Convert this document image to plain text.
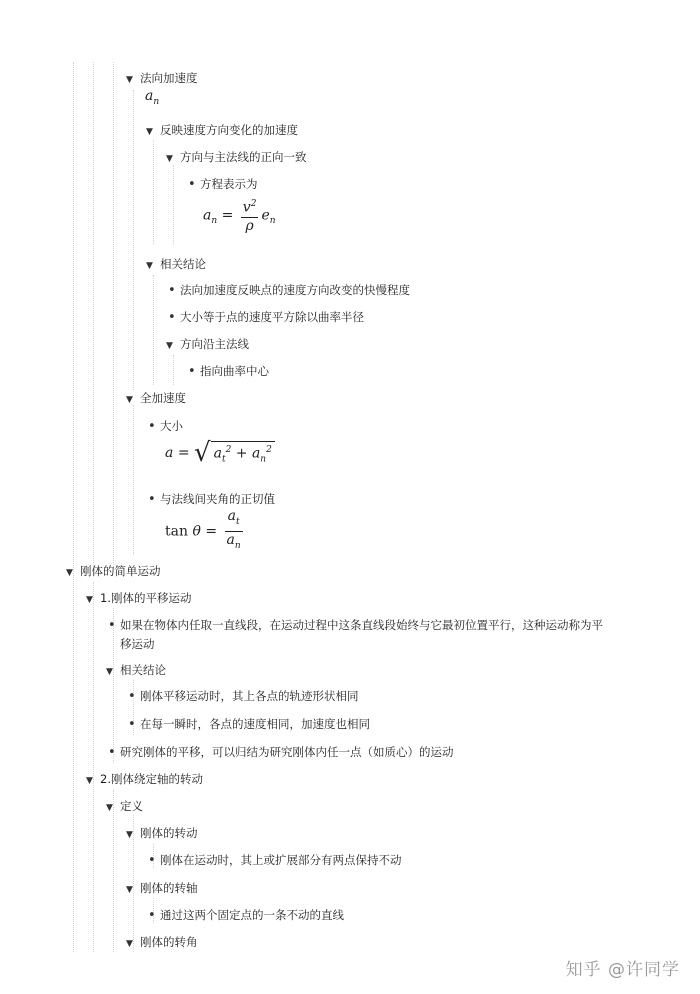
▼ 法向加速度
$a_n$
▼ 反映速度方向变化的加速度
▼ 方向与主法线的正向一致
• 方程表示为
$a_n = \frac{v^2}{\rho} e_n$
▼ 相关结论
• 法向加速度反映点的速度方向改变的快慢程度
• 大小等于点的速度平方除以曲率半径
▼ 方向沿主法线
• 指向曲率中心
▼ 全加速度
• 大小
a = √ $a_t^2 + a_n^2$
• 与法线间夹角的正切值
$\tan \theta = \frac{a_t}{a_n}$
▼ 刚体的简单运动
▼ 1.刚体的平移运动
• 如果在物体内任取一直线段，在运动过程中这条直线段始终与它最初位置平行，这种运动称为平移运动
▼ 相关结论
• 刚体平移运动时，其上各点的轨迹形状相同
• 在每一瞬时，各点的速度相同，加速度也相同
• 研究刚体的平移，可以归结为研究刚体内任一点（如质心）的运动
▼ 2.刚体绕定轴的转动
▼ 定义
▼ 刚体的转动
• 刚体在运动时，其上或扩展部分有两点保持不动
▼ 刚体的转轴
• 通过这两个固定点的一条不动的直线
▼ 刚体的转角
知乎 @许同学
